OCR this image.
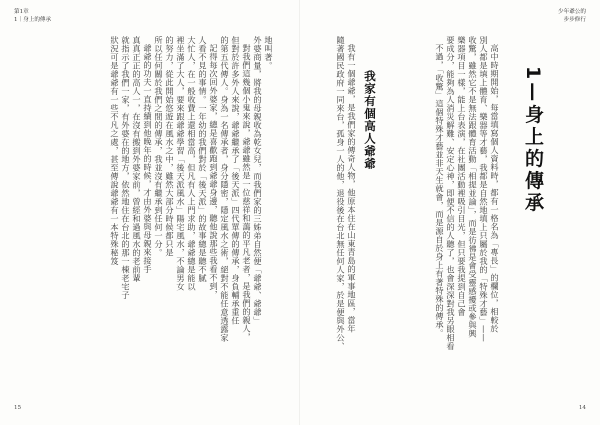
第1章
1｜身上的傳承
地叫著。
外婆商量，將我的母親收為乾女兒，而我們家的三姊弟自然便「爺爺、爺爺」
對我們這幾個小鬼來說，爺爺雖然是一位慈祥和藹的平凡老者，是我們的親人，
但對於許多外人來說，爺爺繼承了「後天派」四代單傳的傳承，身負輔承重任
的第五代傳人。身為一名傳承者，身分隱密，隱定風水之術，絕對不能任意透露家
記得每次回外婆家，總是喜歡跑到爺爺身邊，聽他說那些我看不到，
人看不見的事情。一年幼的我們對於「後天派」的故事總是聽不膩
大忙人，在一般收費上還相當高，但凡有人上門求助，爺爺總是能以
裡坐滿了大人，要來跟爺爺學習「後天派風水」陽宅風水，不論男女
的努力，從此開始悠遊在風水之中，雖然大部分時候都只是
所以任何關於我們之間的傳承，我並沒有繼承到任何一分。
爺爺的功夫一直持續到他晚年的時候，才由外婆與母親來接手
真真正正的高人一，在沒有搬到外婆家前，曾經和過風水的老前輩
就指示了我們一家，有外婆在的地方，依然地住在台北的那一棟老宅子
狀況可是爺爺有一些不凡之處，甚至傳說爺爺有一本特殊秘笈
15
少年爺公的
步步修行
14
1—身上的傳承
高中時期開始，每當填寫個人資料時，都有一格名為「專長」的欄位，相較於
別人都是填上體育、樂器等才藝，我都是自然地填上只屬於我的「特殊才藝」——
收驚，雖然它不是無法跟體育活動「相提並論」，而是彷彿是會受靈感擾或參與興
樂器項目一樣，能上台表演，在社團活動裡吸引目光，但只要我提到自己會
要成分，能夠為人消災解難、安定心神，即便不信的人聽了，也會深深對我另眼相看
不過，「收驚」這個特殊才藝並非天生就會，而是源自於身上有著特殊的傳承。
我家有個高人爺爺
我有一個爺爺，是我們家的傳奇人物，他原本住在山東青島的軍事地區，當年
隨著國民政府一同來台，孤身一人的他，退役後在台北無任何人家，於是便與外公、
